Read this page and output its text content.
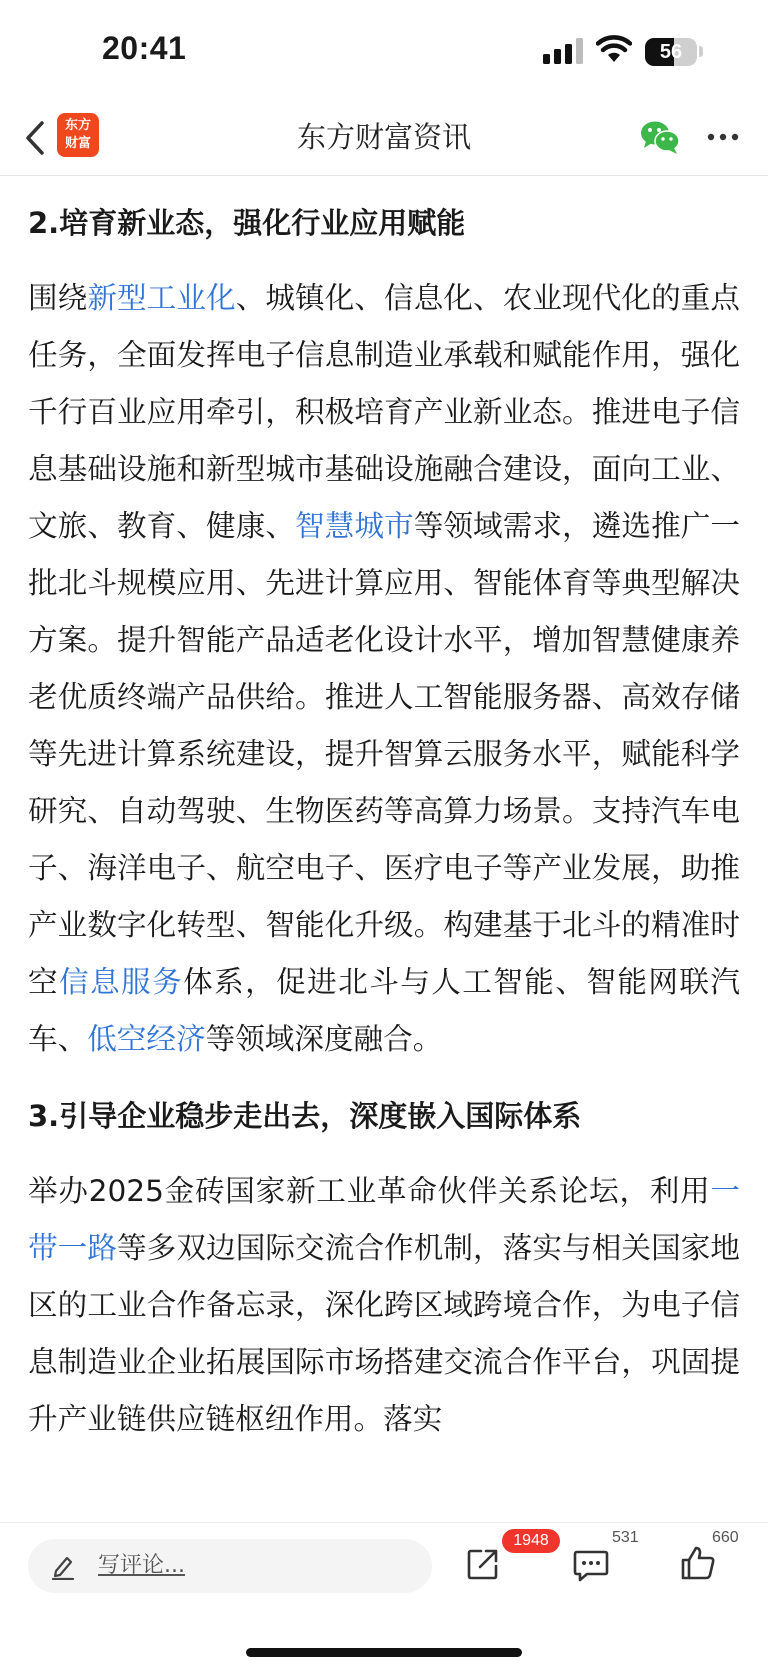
20:41	56
东方
财富	东方财富资讯
2.培育新业态，强化行业应用赋能

围绕新型工业化、城镇化、信息化、农业现代化的重点任务，全面发挥电子信息制造业承载和赋能作用，强化千行百业应用牵引，积极培育产业新业态。推进电子信息基础设施和新型城市基础设施融合建设，面向工业、文旅、教育、健康、智慧城市等领域需求，遴选推广一批北斗规模应用、先进计算应用、智能体育等典型解决方案。提升智能产品适老化设计水平，增加智慧健康养老优质终端产品供给。推进人工智能服务器、高效存储等先进计算系统建设，提升智算云服务水平，赋能科学研究、自动驾驶、生物医药等高算力场景。支持汽车电子、海洋电子、航空电子、医疗电子等产业发展，助推产业数字化转型、智能化升级。构建基于北斗的精准时空信息服务体系，促进北斗与人工智能、智能网联汽车、低空经济等领域深度融合。

3.引导企业稳步走出去，深度嵌入国际体系

举办2025金砖国家新工业革命伙伴关系论坛，利用一带一路等多双边国际交流合作机制，落实与相关国家地区的工业合作备忘录，深化跨区域跨境合作，为电子信息制造业企业拓展国际市场搭建交流合作平台，巩固提升产业链供应链枢纽作用。落实

写评论...
1948	531	660
